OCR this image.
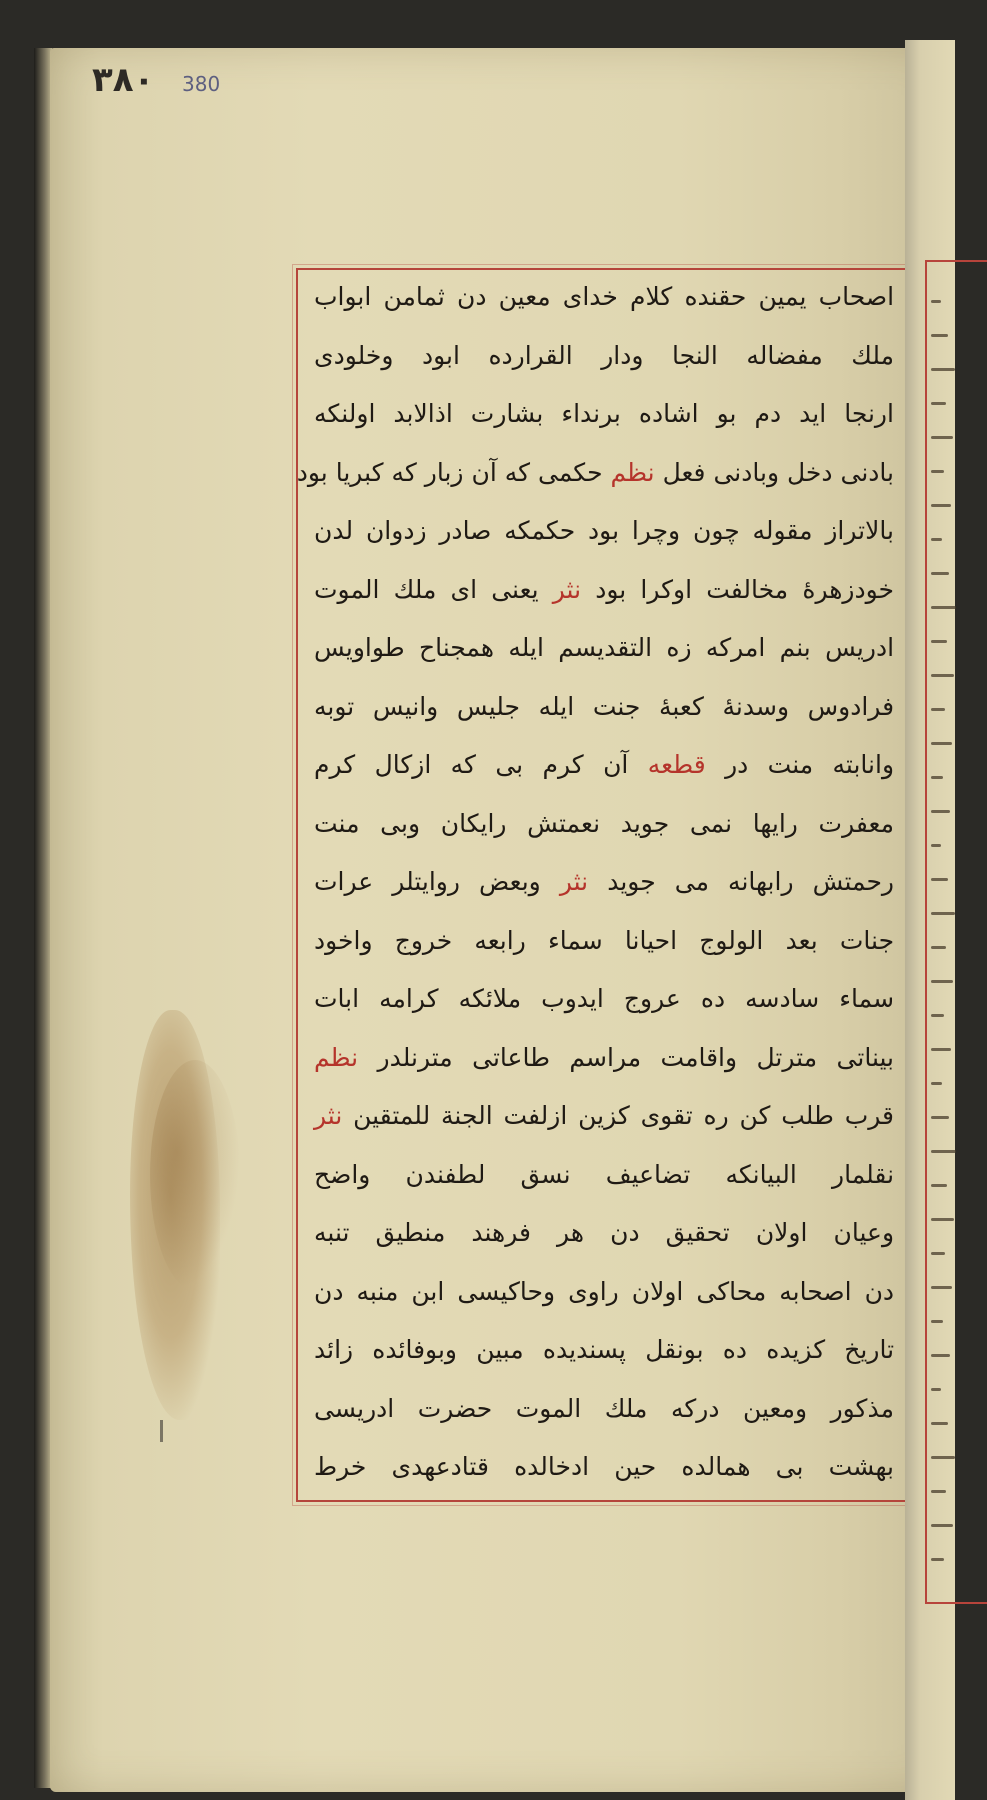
٣٨٠ 380
اصحاب يمين حقنده كلام خداى معين دن ثمامن ابواب
ملك مفضاله النجا ودار القرارده ابود وخلودى
ارنجا ايد دم بو اشاده برنداء بشارت اذالابد اولنكه
بادنى دخل وبادنى فعل نظم حكمى كه آن زبار كه كبريا بود
بالاتراز مقوله چون وچرا بود حكمكه صادر زدوان لدن
خودزهرۀ مخالفت اوكرا بود نثر يعنى اى ملك الموت
ادريس بنم امركه زه التقديسم ايله همجناح طواويس
فرادوس وسدنۀ كعبۀ جنت ايله جليس وانيس توبه
وانابته منت در قطعه آن كرم بى كه ازكال كرم
معفرت رايها نمى جويد نعمتش رايكان وبى منت
رحمتش رابهانه مى جويد نثر وبعض روايتلر عرات
جنات بعد الولوج احيانا سماء رابعه خروج واخود
سماء سادسه ده عروج ايدوب ملائكه كرامه ابات
بيناتى مترتل واقامت مراسم طاعاتى مترنلدر نظم
قرب طلب كن ره تقوى كزين ازلفت الجنة للمتقين نثر
نقلمار البيانكه تضاعيف نسق لطفندن واضح
وعيان اولان تحقيق دن هر فرهند منطيق تنبه
دن اصحابه محاكى اولان راوى وحاكيسى ابن منبه دن
تاريخ كزيده ده بونقل پسنديده مبين وبوفائده زائد
مذكور ومعين دركه ملك الموت حضرت ادريسى
بهشت بى همالده حين ادخالده قتادعهدى خرط
